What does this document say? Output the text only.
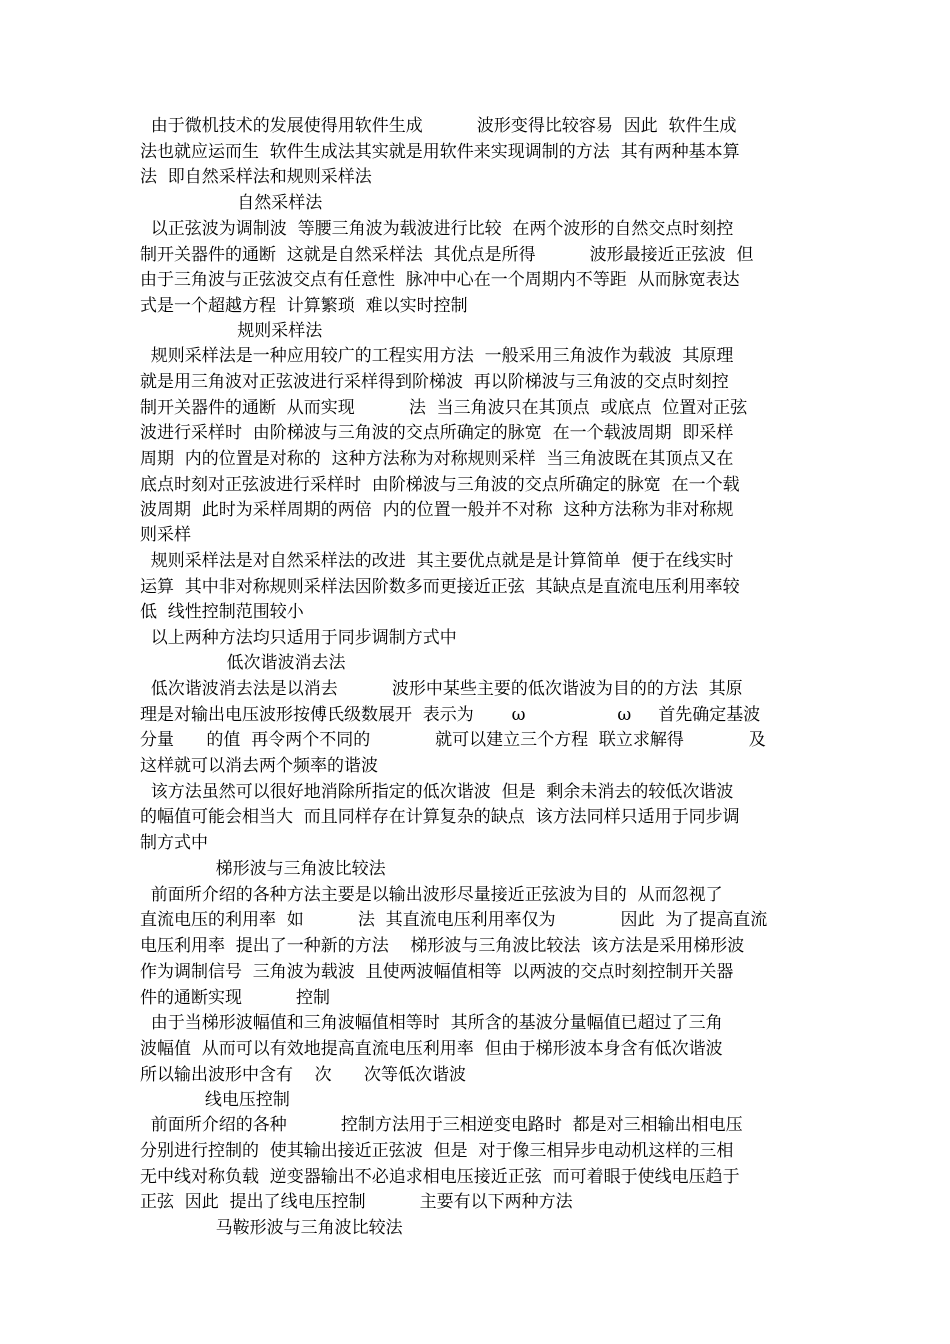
由于微机技术的发展使得用软件生成          波形变得比较容易  因此  软件生成
法也就应运而生  软件生成法其实就是用软件来实现调制的方法  其有两种基本算
法  即自然采样法和规则采样法
自然采样法
以正弦波为调制波  等腰三角波为载波进行比较  在两个波形的自然交点时刻控
制开关器件的通断  这就是自然采样法  其优点是所得          波形最接近正弦波  但
由于三角波与正弦波交点有任意性  脉冲中心在一个周期内不等距  从而脉宽表达
式是一个超越方程  计算繁琐  难以实时控制
规则采样法
规则采样法是一种应用较广的工程实用方法  一般采用三角波作为载波  其原理
就是用三角波对正弦波进行采样得到阶梯波  再以阶梯波与三角波的交点时刻控
制开关器件的通断  从而实现          法  当三角波只在其顶点  或底点  位置对正弦
波进行采样时  由阶梯波与三角波的交点所确定的脉宽  在一个载波周期  即采样
周期  内的位置是对称的  这种方法称为对称规则采样  当三角波既在其顶点又在
底点时刻对正弦波进行采样时  由阶梯波与三角波的交点所确定的脉宽  在一个载
波周期  此时为采样周期的两倍  内的位置一般并不对称  这种方法称为非对称规
则采样
规则采样法是对自然采样法的改进  其主要优点就是是计算简单  便于在线实时
运算  其中非对称规则采样法因阶数多而更接近正弦  其缺点是直流电压利用率较
低  线性控制范围较小
以上两种方法均只适用于同步调制方式中
低次谐波消去法
低次谐波消去法是以消去          波形中某些主要的低次谐波为目的的方法  其原
理是对输出电压波形按傅氏级数展开  表示为       ω                 ω     首先确定基波
分量      的值  再令两个不同的            就可以建立三个方程  联立求解得            及
这样就可以消去两个频率的谐波
该方法虽然可以很好地消除所指定的低次谐波  但是  剩余未消去的较低次谐波
的幅值可能会相当大  而且同样存在计算复杂的缺点  该方法同样只适用于同步调
制方式中
梯形波与三角波比较法
前面所介绍的各种方法主要是以输出波形尽量接近正弦波为目的  从而忽视了
直流电压的利用率  如          法  其直流电压利用率仅为            因此  为了提高直流
电压利用率  提出了一种新的方法    梯形波与三角波比较法  该方法是采用梯形波
作为调制信号  三角波为载波  且使两波幅值相等  以两波的交点时刻控制开关器
件的通断实现          控制
由于当梯形波幅值和三角波幅值相等时  其所含的基波分量幅值已超过了三角
波幅值  从而可以有效地提高直流电压利用率  但由于梯形波本身含有低次谐波
所以输出波形中含有    次      次等低次谐波
线电压控制
前面所介绍的各种          控制方法用于三相逆变电路时  都是对三相输出相电压
分别进行控制的  使其输出接近正弦波  但是  对于像三相异步电动机这样的三相
无中线对称负载  逆变器输出不必追求相电压接近正弦  而可着眼于使线电压趋于
正弦  因此  提出了线电压控制          主要有以下两种方法
马鞍形波与三角波比较法
